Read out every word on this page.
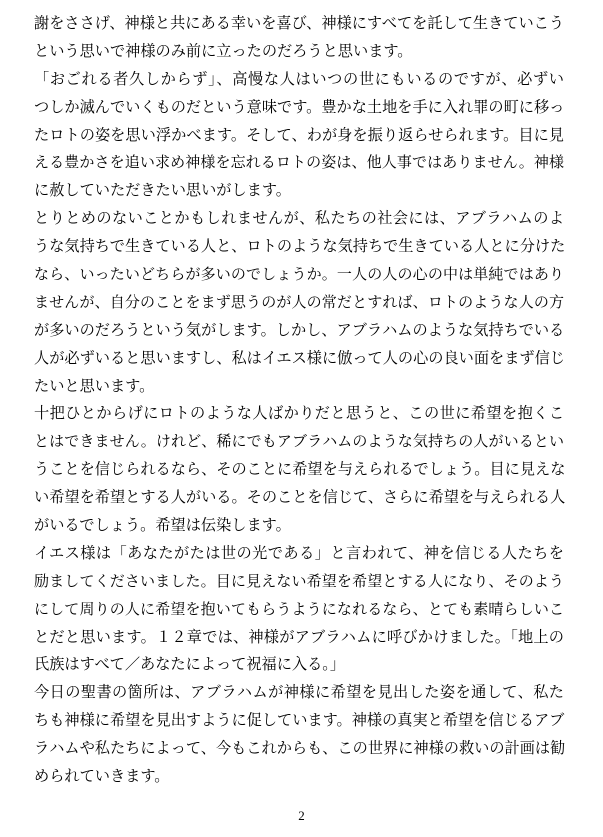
謝をささげ、神様と共にある幸いを喜び、神様にすべてを託して生きていこう
という思いで神様のみ前に立ったのだろうと思います。
「おごれる者久しからず」、高慢な人はいつの世にもいるのですが、必ずい
つしか滅んでいくものだという意味です。豊かな土地を手に入れ罪の町に移っ
たロトの姿を思い浮かべます。そして、わが身を振り返らせられます。目に見
える豊かさを追い求め神様を忘れるロトの姿は、他人事ではありません。神様
に赦していただきたい思いがします。
とりとめのないことかもしれませんが、私たちの社会には、アブラハムのよ
うな気持ちで生きている人と、ロトのような気持ちで生きている人とに分けた
なら、いったいどちらが多いのでしょうか。一人の人の心の中は単純ではあり
ませんが、自分のことをまず思うのが人の常だとすれば、ロトのような人の方
が多いのだろうという気がします。しかし、アブラハムのような気持ちでいる
人が必ずいると思いますし、私はイエス様に倣って人の心の良い面をまず信じ
たいと思います。
十把ひとからげにロトのような人ばかりだと思うと、この世に希望を抱くこ
とはできません。けれど、稀にでもアブラハムのような気持ちの人がいるとい
うことを信じられるなら、そのことに希望を与えられるでしょう。目に見えな
い希望を希望とする人がいる。そのことを信じて、さらに希望を与えられる人
がいるでしょう。希望は伝染します。
イエス様は「あなたがたは世の光である」と言われて、神を信じる人たちを
励ましてくださいました。目に見えない希望を希望とする人になり、そのよう
にして周りの人に希望を抱いてもらうようになれるなら、とても素晴らしいこ
とだと思います。１２章では、神様がアブラハムに呼びかけました。「地上の
氏族はすべて／あなたによって祝福に入る。」
今日の聖書の箇所は、アブラハムが神様に希望を見出した姿を通して、私た
ちも神様に希望を見出すように促しています。神様の真実と希望を信じるアブ
ラハムや私たちによって、今もこれからも、この世界に神様の救いの計画は勧
められていきます。
2
